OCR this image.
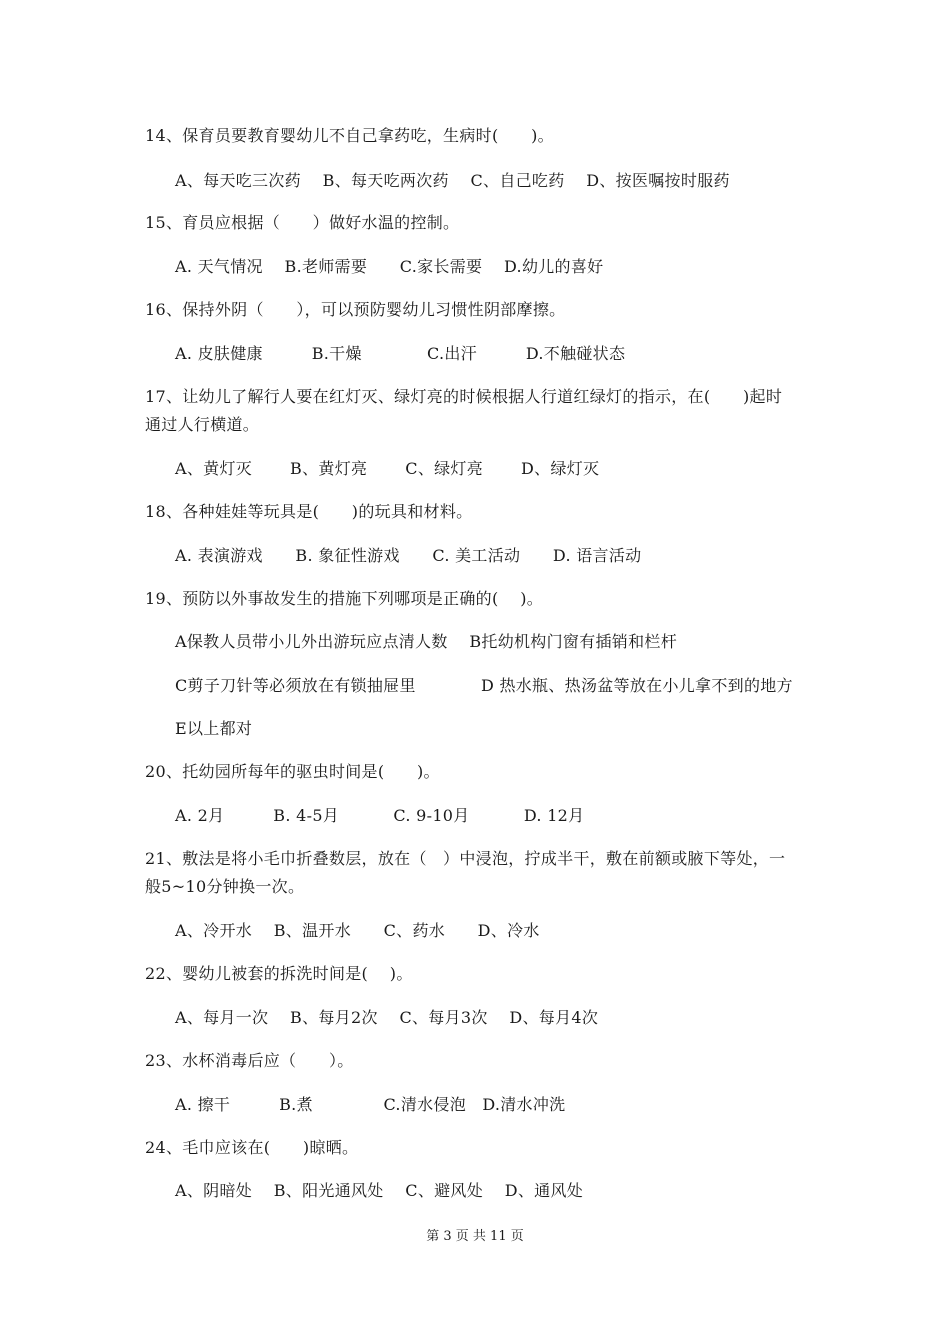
14、保育员要教育婴幼儿不自己拿药吃，生病时(　　)。
A、每天吃三次药　 B、每天吃两次药　 C、自己吃药　 D、按医嘱按时服药
15、育员应根据（　　）做好水温的控制。
A. 天气情况　 B.老师需要　　C.家长需要　 D.幼儿的喜好
16、保持外阴（　　），可以预防婴幼儿习惯性阴部摩擦。
A. 皮肤健康　　　B.干燥　　　　C.出汗　　　D.不触碰状态
17、让幼儿了解行人要在红灯灭、绿灯亮的时候根据人行道红绿灯的指示，在(　　)起时
通过人行横道。
A、黄灯灭　　 B、黄灯亮　　 C、绿灯亮　　 D、绿灯灭
18、各种娃娃等玩具是(　　)的玩具和材料。
A. 表演游戏　　B. 象征性游戏　　C. 美工活动　　D. 语言活动
19、预防以外事故发生的措施下列哪项是正确的(　 )。
A保教人员带小儿外出游玩应点清人数　 B托幼机构门窗有插销和栏杆
C剪子刀针等必须放在有锁抽屉里　　　　D 热水瓶、热汤盆等放在小儿拿不到的地方
E以上都对
20、托幼园所每年的驱虫时间是(　　)。
A. 2月　　　B. 4-5月　　　 C. 9-10月　　　 D. 12月
21、敷法是将小毛巾折叠数层，放在（　）中浸泡，拧成半干，敷在前额或腋下等处，一
般5~10分钟换一次。
A、冷开水　 B、温开水　　C、药水　　D、冷水
22、婴幼儿被套的拆洗时间是(　 )。
A、每月一次　 B、每月2次　 C、每月3次　 D、每月4次
23、水杯消毒后应（　　）。
A. 擦干　　　B.煮　　　　 C.清水侵泡　D.清水冲洗
24、毛巾应该在(　　)晾晒。
A、阴暗处　 B、阳光通风处　 C、避风处　 D、通风处
第 3 页 共 11 页
